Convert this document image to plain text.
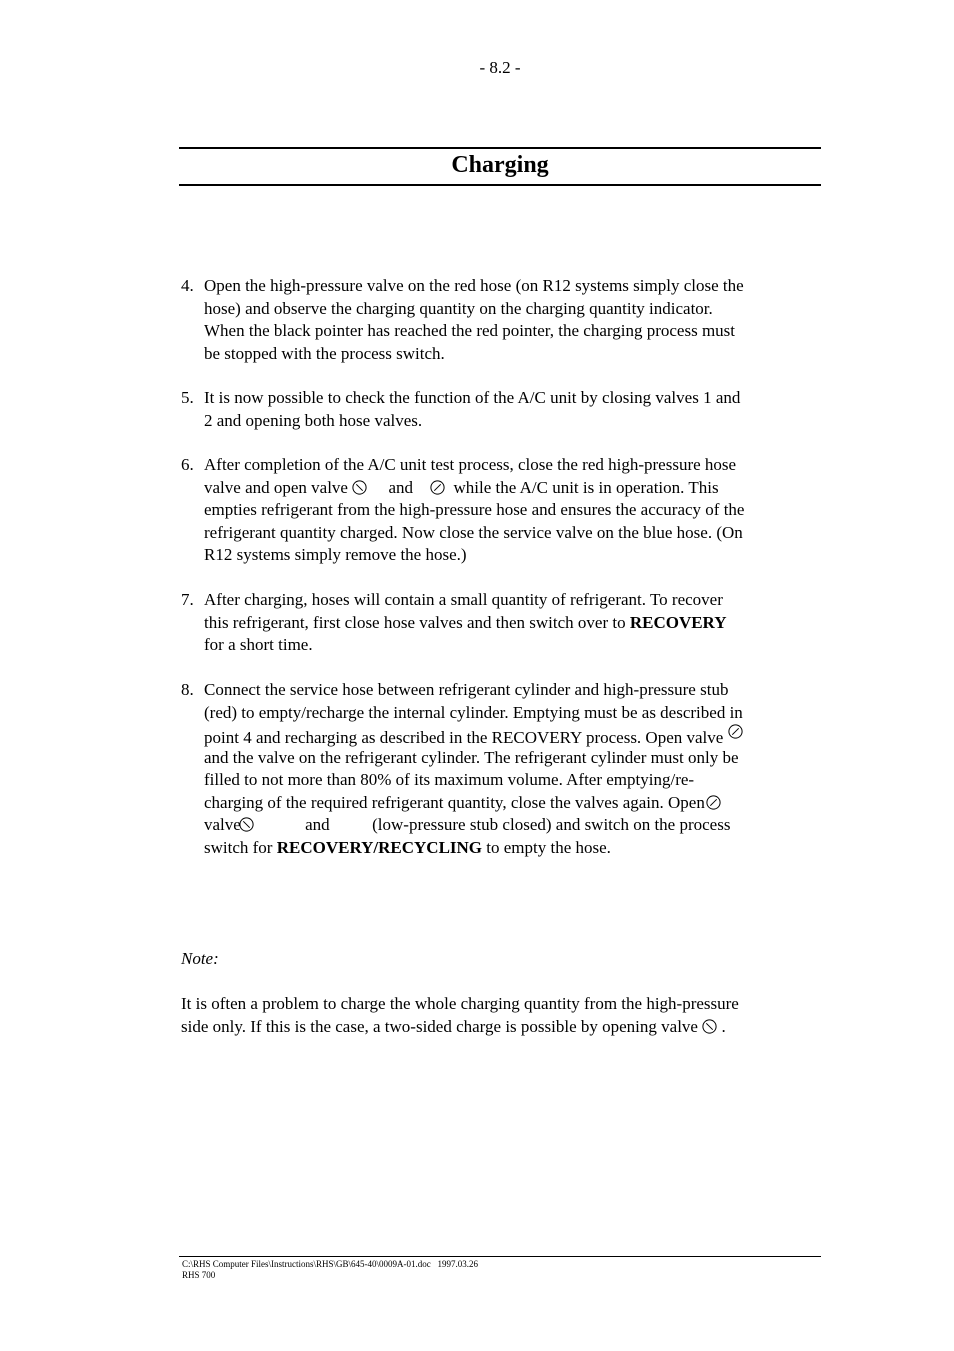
- 8.2 -
Charging
4. Open the high-pressure valve on the red hose (on R12 systems simply close the
hose) and observe the charging quantity on the charging quantity indicator.
When the black pointer has reached the red pointer, the charging process must
be stopped with the process switch.
5. It is now possible to check the function of the A/C unit by closing valves 1 and
2 and opening both hose valves.
6. After completion of the A/C unit test process, close the red high-pressure hose
valve and open valve and while the A/C unit is in operation. This
empties refrigerant from the high-pressure hose and ensures the accuracy of the
refrigerant quantity charged. Now close the service valve on the blue hose. (On
R12 systems simply remove the hose.)
7. After charging, hoses will contain a small quantity of refrigerant. To recover
this refrigerant, first close hose valves and then switch over to RECOVERY
for a short time.
8. Connect the service hose between refrigerant cylinder and high-pressure stub
(red) to empty/recharge the internal cylinder. Emptying must be as described in
point 4 and recharging as described in the RECOVERY process. Open valve
and the valve on the refrigerant cylinder. The refrigerant cylinder must only be
filled to not more than 80% of its maximum volume. After emptying/re-
charging of the required refrigerant quantity, close the valves again. Open
valve	and	(low-pressure stub closed) and switch on the process
switch for RECOVERY/RECYCLING to empty the hose.
Note:
It is often a problem to charge the whole charging quantity from the high-pressure
side only. If this is the case, a two-sided charge is possible by opening valve .
C:\RHS Computer Files\Instructions\RHS\GB\645-40\0009A-01.doc   1997.03.26
RHS 700
